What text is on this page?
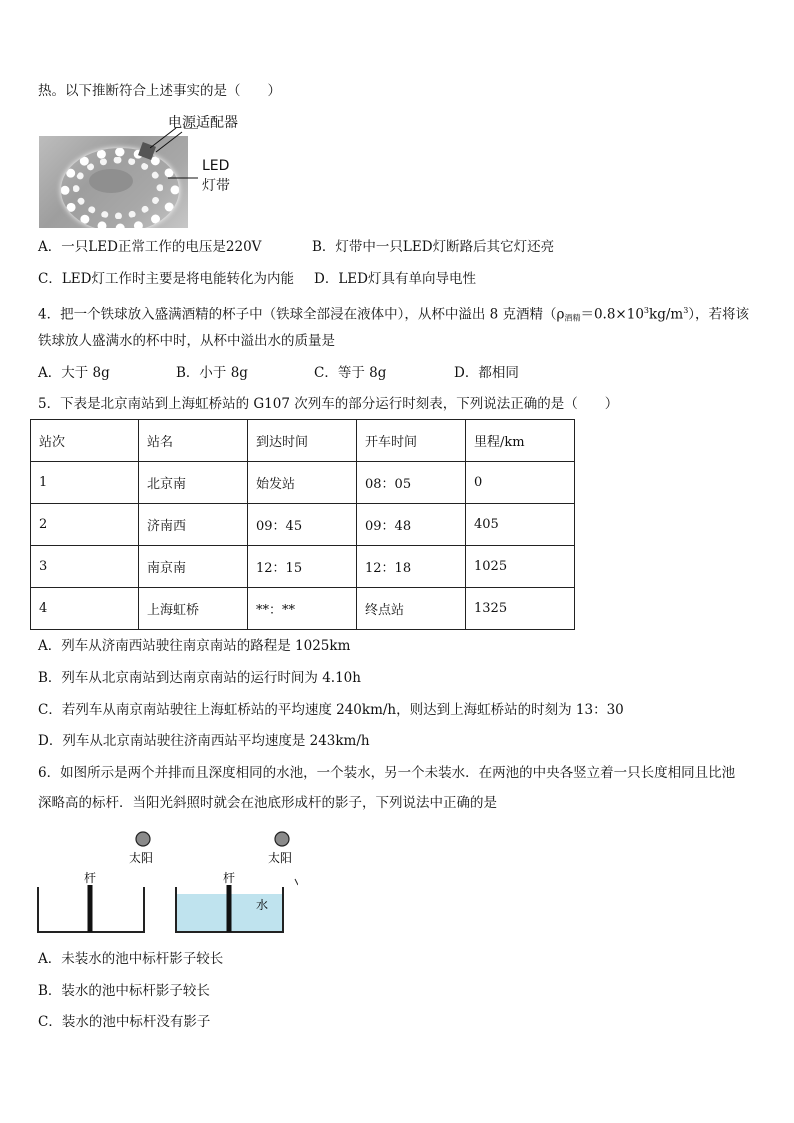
热。以下推断符合上述事实的是（　　）
电源适配器
LED
灯带
A．一只LED正常工作的电压是220V	B．灯带中一只LED灯断路后其它灯还亮
C．LED灯工作时主要是将电能转化为内能 D．LED灯具有单向导电性
4．把一个铁球放入盛满酒精的杯子中（铁球全部浸在液体中），从杯中溢出 8 克酒精$(\rho_{酒精}=0.8\times 10^3kg/m^3)$，若将该
铁球放人盛满水的杯中时，从杯中溢出水的质量是
A．大于 8g	B．小于 8g	C．等于 8g	D．都相同
5．下表是北京南站到上海虹桥站的 G107 次列车的部分运行时刻表，下列说法正确的是（　　）
站次	站名	到达时间	开车时间	里程/km
1	北京南	始发站	08：05	0
2	济南西	09：45	09：48	405
3	南京南	12：15	12：18	1025
4	上海虹桥	**：**	终点站	1325
A．列车从济南西站驶往南京南站的路程是 1025km
B．列车从北京南站到达南京南站的运行时间为 4.10h
C．若列车从南京南站驶往上海虹桥站的平均速度 240km/h，则达到上海虹桥站的时刻为 13：30
D．列车从北京南站驶往济南西站平均速度是 243km/h
6．如图所示是两个并排而且深度相同的水池，一个装水，另一个未装水．在两池的中央各竖立着一只长度相同且比池
深略高的标杆．当阳光斜照时就会在池底形成杆的影子，下列说法中正确的是
太阳	太阳
杆	杆
水
A．未装水的池中标杆影子较长
B．装水的池中标杆影子较长
C．装水的池中标杆没有影子
